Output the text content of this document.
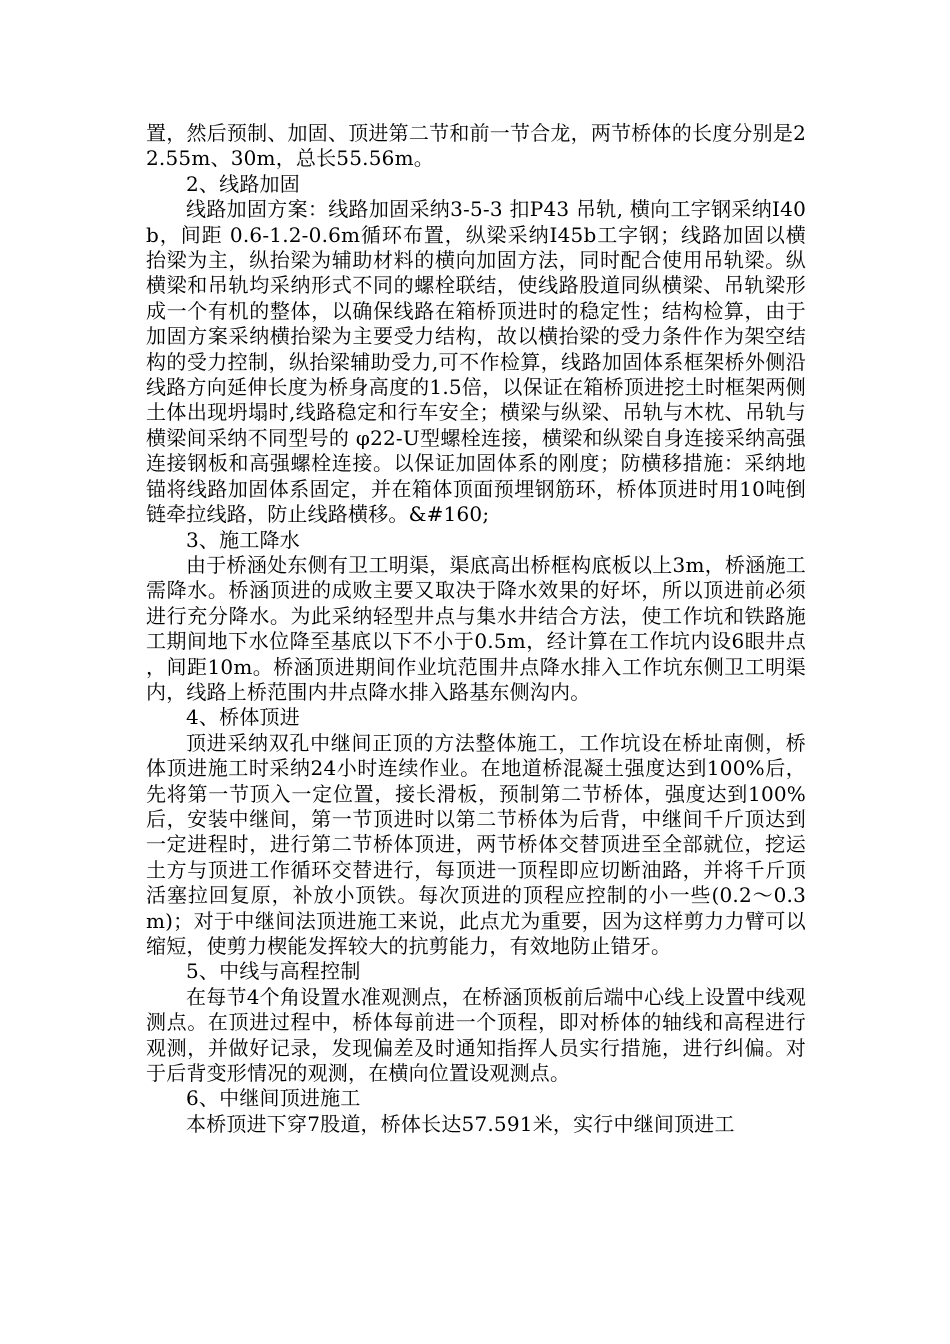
置，然后预制、加固、顶进第二节和前一节合龙，两节桥体的长度分别是22.55m、30m，总长55.56m。

2、线路加固

线路加固方案：线路加固采纳3-5-3 扣P43 吊轨, 横向工字钢采纳I40b，间距 0.6-1.2-0.6m循环布置，纵梁采纳I45b工字钢；线路加固以横抬梁为主，纵抬梁为辅助材料的横向加固方法，同时配合使用吊轨梁。纵横梁和吊轨均采纳形式不同的螺栓联结，使线路股道同纵横梁、吊轨梁形成一个有机的整体，以确保线路在箱桥顶进时的稳定性；结构检算，由于加固方案采纳横抬梁为主要受力结构，故以横抬梁的受力条件作为架空结构的受力控制，纵抬梁辅助受力,可不作检算，线路加固体系框架桥外侧沿线路方向延伸长度为桥身高度的1.5倍，以保证在箱桥顶进挖土时框架两侧土体出现坍塌时,线路稳定和行车安全；横梁与纵梁、吊轨与木枕、吊轨与横梁间采纳不同型号的 φ22-U型螺栓连接，横梁和纵梁自身连接采纳高强连接钢板和高强螺栓连接。以保证加固体系的刚度；防横移措施：采纳地锚将线路加固体系固定，并在箱体顶面预埋钢筋环，桥体顶进时用10吨倒链牵拉线路，防止线路横移。&#160;

3、施工降水

由于桥涵处东侧有卫工明渠，渠底高出桥框构底板以上3m，桥涵施工需降水。桥涵顶进的成败主要又取决于降水效果的好坏，所以顶进前必须进行充分降水。为此采纳轻型井点与集水井结合方法，使工作坑和铁路施工期间地下水位降至基底以下不小于0.5m，经计算在工作坑内设6眼井点，间距10m。桥涵顶进期间作业坑范围井点降水排入工作坑东侧卫工明渠内，线路上桥范围内井点降水排入路基东侧沟内。

4、桥体顶进

顶进采纳双孔中继间正顶的方法整体施工，工作坑设在桥址南侧，桥体顶进施工时采纳24小时连续作业。在地道桥混凝土强度达到100%后，先将第一节顶入一定位置，接长滑板，预制第二节桥体，强度达到100%后，安装中继间，第一节顶进时以第二节桥体为后背，中继间千斤顶达到一定进程时，进行第二节桥体顶进，两节桥体交替顶进至全部就位，挖运土方与顶进工作循环交替进行，每顶进一顶程即应切断油路，并将千斤顶活塞拉回复原，补放小顶铁。每次顶进的顶程应控制的小一些(0.2～0.3 m)；对于中继间法顶进施工来说，此点尤为重要，因为这样剪力力臂可以缩短，使剪力楔能发挥较大的抗剪能力，有效地防止错牙。

5、中线与高程控制

在每节4个角设置水准观测点，在桥涵顶板前后端中心线上设置中线观测点。在顶进过程中，桥体每前进一个顶程，即对桥体的轴线和高程进行观测，并做好记录，发现偏差及时通知指挥人员实行措施，进行纠偏。对于后背变形情况的观测，在横向位置设观测点。

6、中继间顶进施工

本桥顶进下穿7股道，桥体长达57.591米，实行中继间顶进工
